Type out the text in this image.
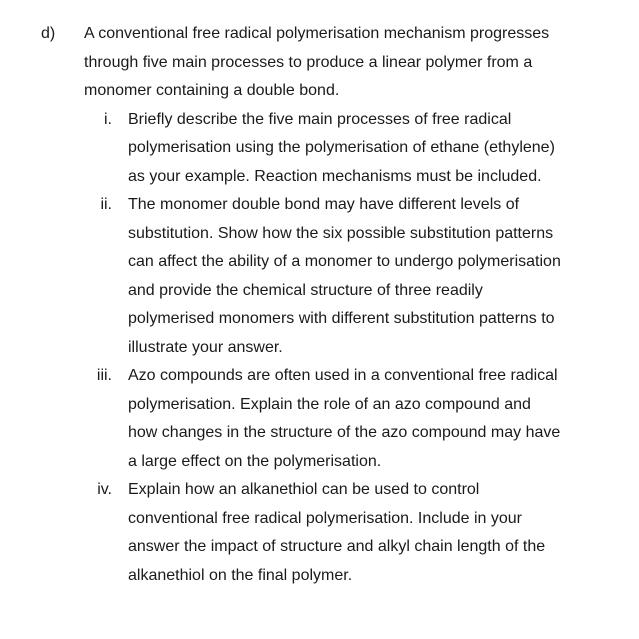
d) A conventional free radical polymerisation mechanism progresses
through five main processes to produce a linear polymer from a
monomer containing a double bond.
i. Briefly describe the five main processes of free radical
polymerisation using the polymerisation of ethane (ethylene)
as your example. Reaction mechanisms must be included.
ii. The monomer double bond may have different levels of
substitution. Show how the six possible substitution patterns
can affect the ability of a monomer to undergo polymerisation
and provide the chemical structure of three readily
polymerised monomers with different substitution patterns to
illustrate your answer.
iii. Azo compounds are often used in a conventional free radical
polymerisation. Explain the role of an azo compound and
how changes in the structure of the azo compound may have
a large effect on the polymerisation.
iv. Explain how an alkanethiol can be used to control
conventional free radical polymerisation. Include in your
answer the impact of structure and alkyl chain length of the
alkanethiol on the final polymer.
